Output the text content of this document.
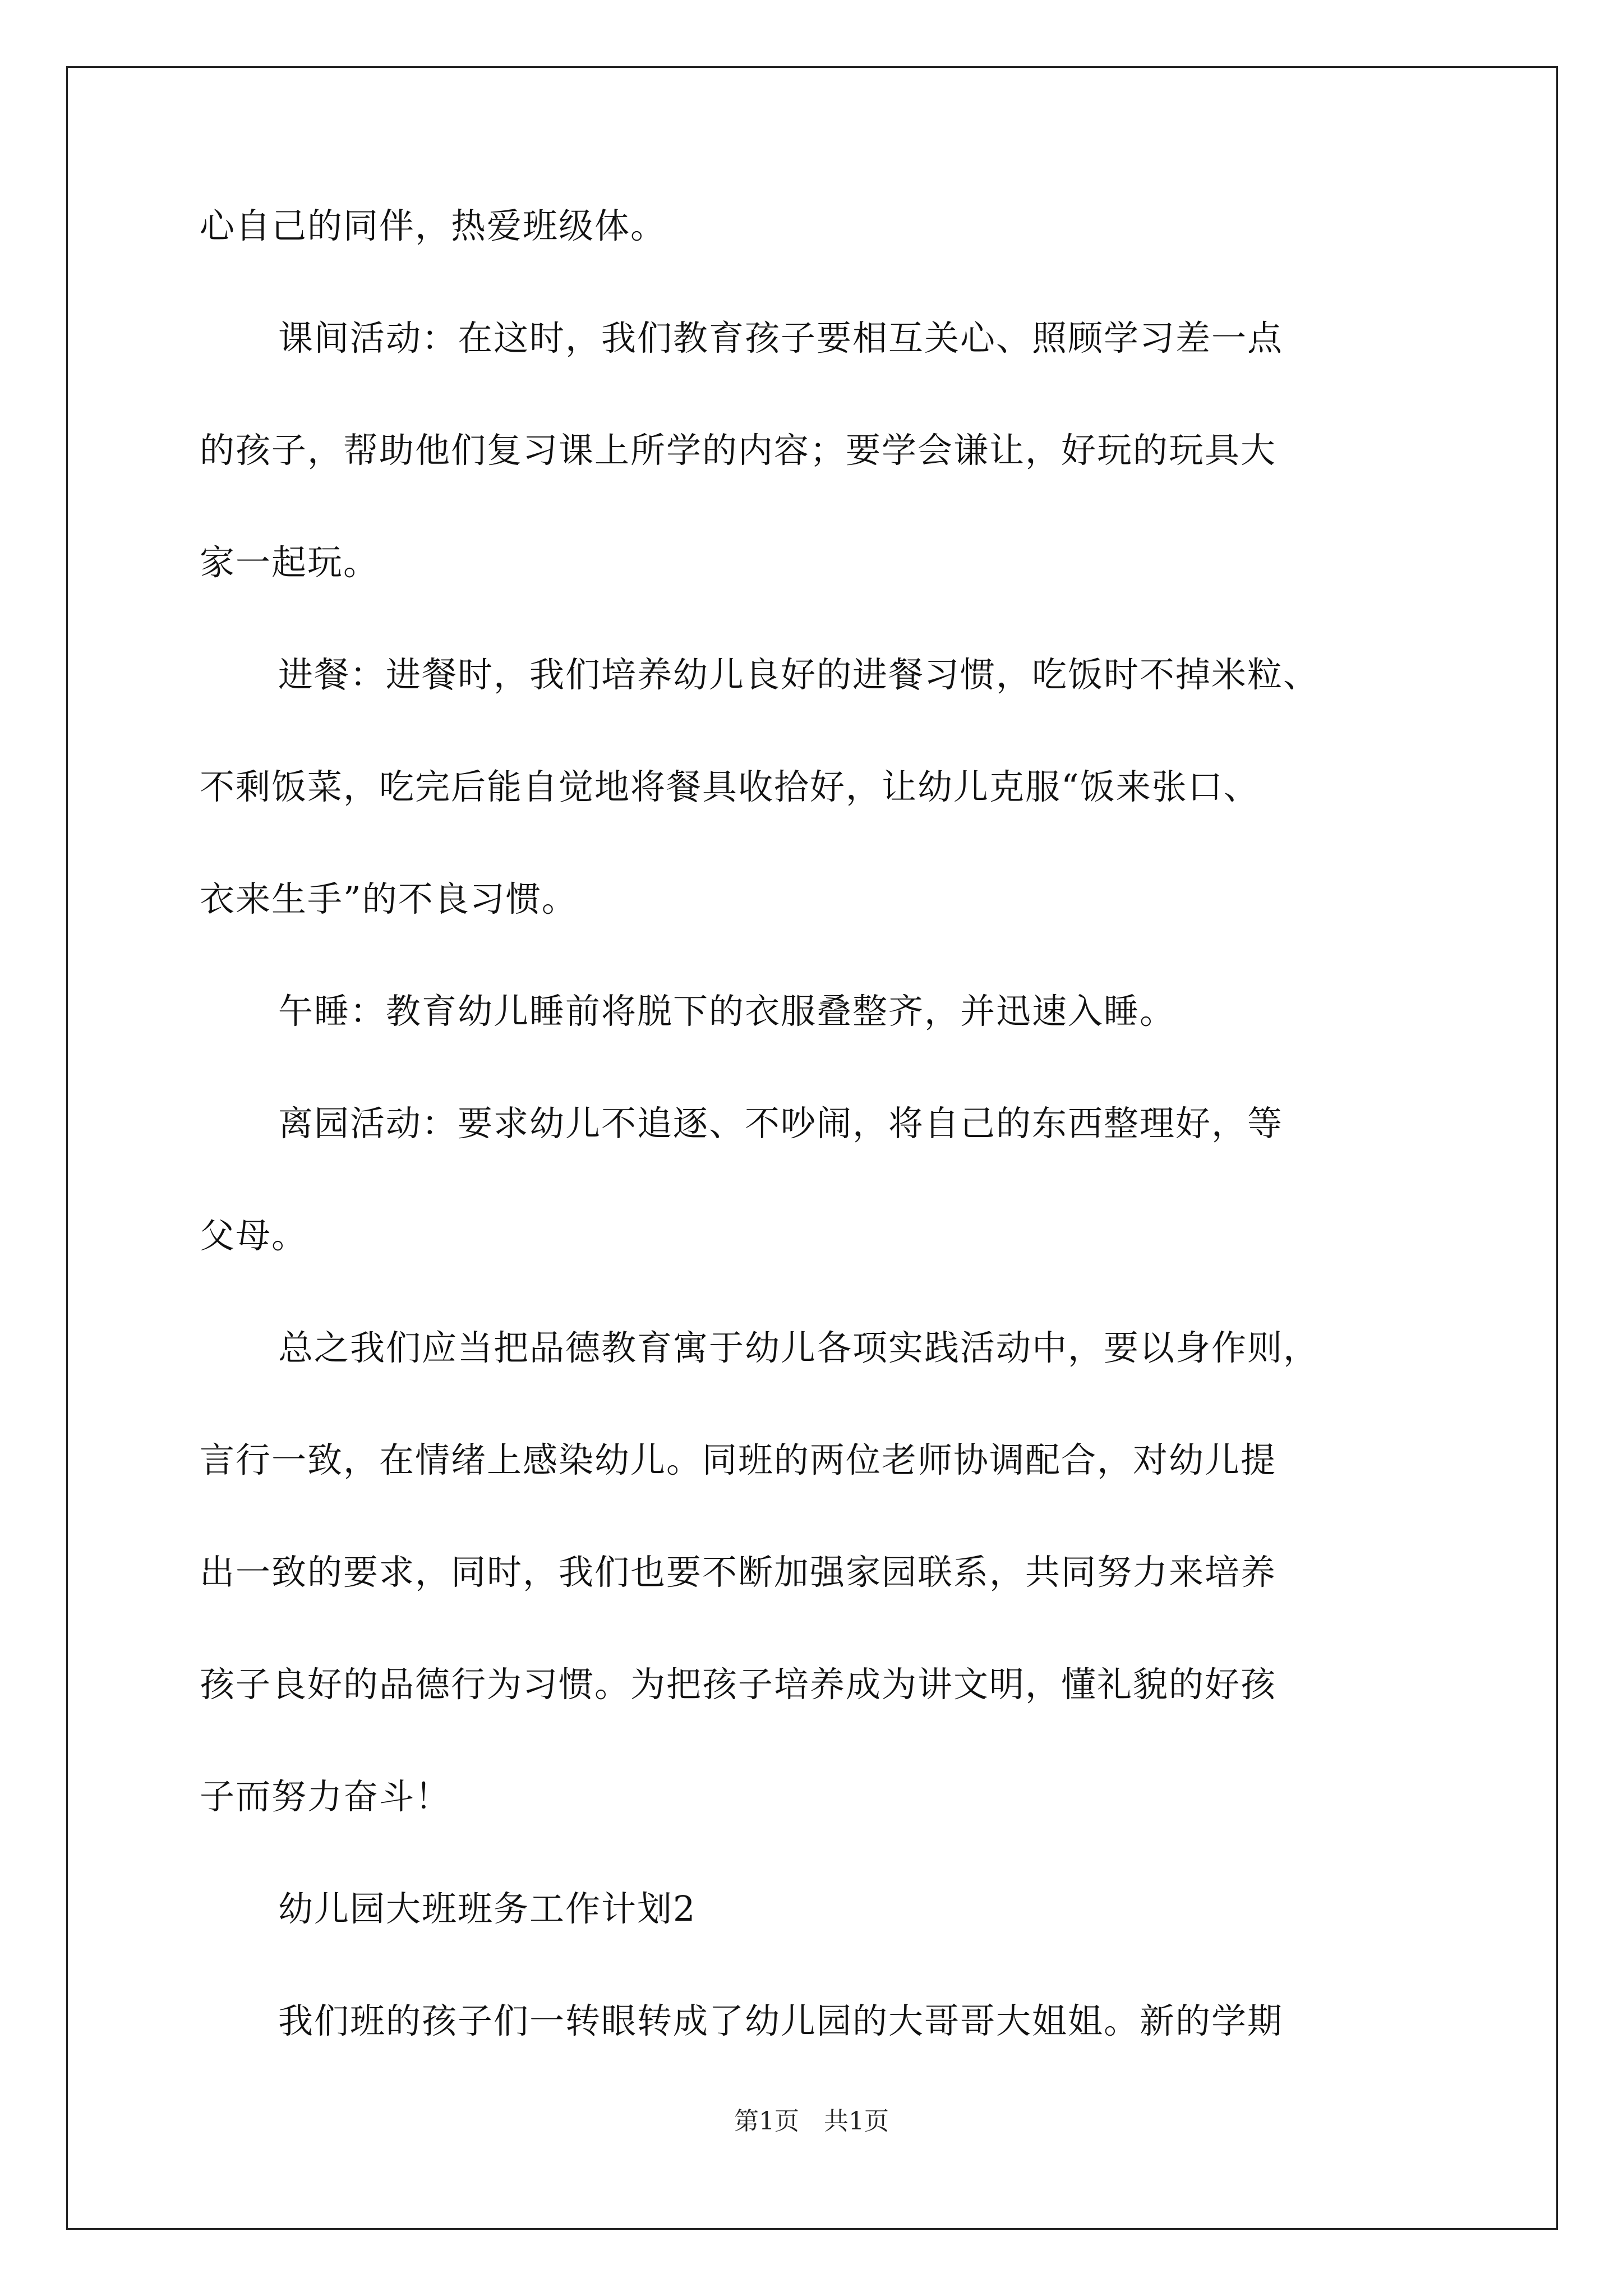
心自己的同伴，热爱班级体。
课间活动：在这时，我们教育孩子要相互关心、照顾学习差一点
的孩子，帮助他们复习课上所学的内容；要学会谦让，好玩的玩具大
家一起玩。
进餐：进餐时，我们培养幼儿良好的进餐习惯，吃饭时不掉米粒、
不剩饭菜，吃完后能自觉地将餐具收拾好，让幼儿克服“饭来张口、
衣来生手”的不良习惯。
午睡：教育幼儿睡前将脱下的衣服叠整齐，并迅速入睡。
离园活动：要求幼儿不追逐、不吵闹，将自己的东西整理好，等
父母。
总之我们应当把品德教育寓于幼儿各项实践活动中，要以身作则，
言行一致，在情绪上感染幼儿。同班的两位老师协调配合，对幼儿提
出一致的要求，同时，我们也要不断加强家园联系，共同努力来培养
孩子良好的品德行为习惯。为把孩子培养成为讲文明，懂礼貌的好孩
子而努力奋斗！
幼儿园大班班务工作计划2
我们班的孩子们一转眼转成了幼儿园的大哥哥大姐姐。新的学期
第1页 共1页
